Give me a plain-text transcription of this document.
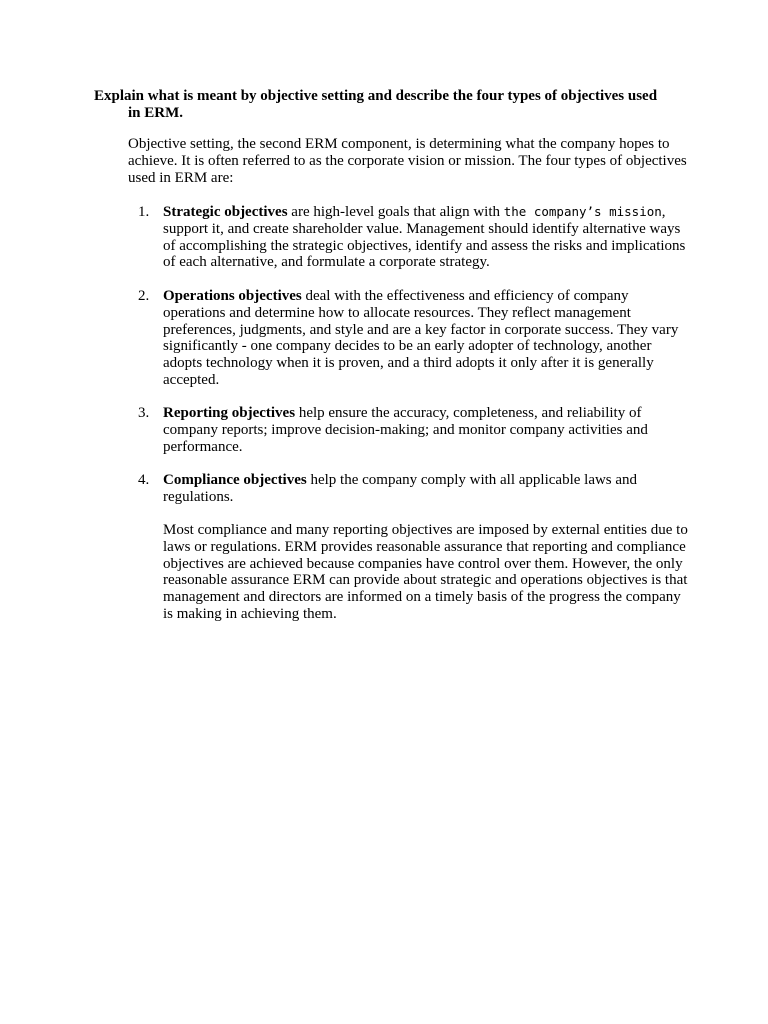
Explain what is meant by objective setting and describe the four types of objectives used
in ERM.

Objective setting, the second ERM component, is determining what the company hopes to achieve. It is often referred to as the corporate vision or mission. The four types of objectives used in ERM are:

1. Strategic objectives are high-level goals that align with the company’s mission, support it, and create shareholder value. Management should identify alternative ways of accomplishing the strategic objectives, identify and assess the risks and implications of each alternative, and formulate a corporate strategy.

2. Operations objectives deal with the effectiveness and efficiency of company operations and determine how to allocate resources. They reflect management preferences, judgments, and style and are a key factor in corporate success. They vary significantly - one company decides to be an early adopter of technology, another adopts technology when it is proven, and a third adopts it only after it is generally accepted.

3. Reporting objectives help ensure the accuracy, completeness, and reliability of company reports; improve decision-making; and monitor company activities and performance.

4. Compliance objectives help the company comply with all applicable laws and regulations.

Most compliance and many reporting objectives are imposed by external entities due to laws or regulations. ERM provides reasonable assurance that reporting and compliance objectives are achieved because companies have control over them. However, the only reasonable assurance ERM can provide about strategic and operations objectives is that management and directors are informed on a timely basis of the progress the company is making in achieving them.
